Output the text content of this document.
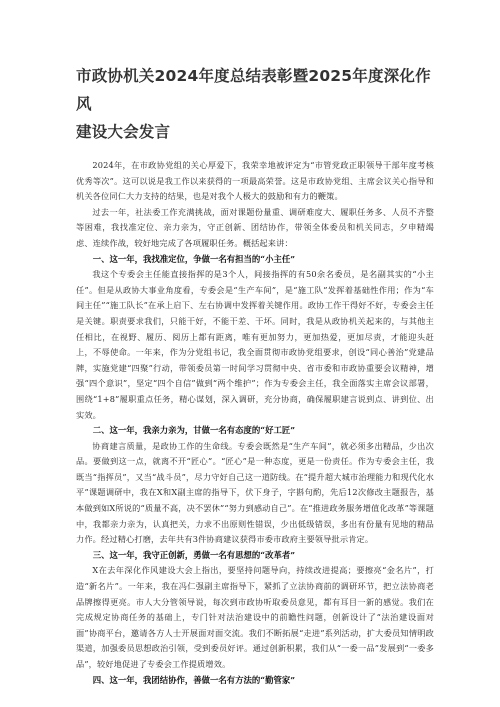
市政协机关2024年度总结表彰暨2025年度深化作风
建设大会发言

2024年，在市政协党组的关心厚爱下，我荣幸地被评定为“市管党政正职领导干部年度考核优秀等次”。这可以说是我工作以来获得的一项最高荣誉。这是市政协党组、主席会议关心指导和机关各位同仁大力支持的结果，也是对我个人极大的鼓励和有力的鞭策。

过去一年，社法委工作充满挑战，面对课题份量重、调研难度大、履职任务多、人员不齐整等困难，我找准定位、亲力亲为，守正创新、团结协作，带领全体委员和机关同志，夕申精竭虑、连续作战，较好地完成了各项履职任务。概括起来讲：

一、这一年，我找准定位，争做一名有担当的“小主任”

我这个专委会主任能直接指挥的是3个人，间接指挥的有50余名委员，是名副其实的“小主任”。但是从政协大事业角度看，专委会是“生产车间”，是“施工队”发挥着基础性作用；作为“车间主任”“施工队长”在承上启下、左右协调中发挥着关键作用。政协工作干得好不好，专委会主任是关键。职责要求我们，只能干好，不能干差、干坏。同时，我是从政协机关起来的，与其他主任相比，在视野、履历、阅历上都有距离，唯有更加努力，更加热爱，更加尽责，才能迎头赶上，不辱使命。一年来，作为分党组书记，我全面贯彻市政协党组要求，创设“同心善治”党建品牌，实施党建“四聚”行动，带领委员第一时间学习贯彻中央、省市委和市政协重要会议精神，增强“四个意识”，坚定“四个自信”做到“两个维护”；作为专委会主任，我全面落实主席会议部署，围绕“1+8”履职重点任务，精心谋划，深入调研，充分协商，确保履职建言说到点、讲到位、出实效。

二、这一年，我亲力亲为，甘做一名有态度的“好工匠”

协商建言质量，是政协工作的生命线。专委会既然是“生产车间”，就必须多出精品，少出次品。要做到这一点，就离不开“匠心”。“匠心”是一种态度，更是一份责任。作为专委会主任，我既当“指挥员”，又当“战斗员”，尽力守好自己这一道防线。在“提升超大城市治理能力和现代化水平”课题调研中，我在X和X副主席的指导下，伏下身子，字斟句酌，先后12次修改主题报告，基本做到如X所说的“质量不高，决不罢休”“努力到感动自己”。在“推进政务服务增值化改革”等课题中，我都亲力亲为，认真把关，力求不出原则性错误，少出低级错误，多出有份量有见地的精品力作。经过精心打磨，去年共有3件协商建议获得市委市政府主要领导批示肯定。

三、这一年，我守正创新，勇做一名有思想的“改革者”

X在去年深化作风建设大会上指出，要坚持问题导向，持续改进提高；要擦亮“金名片”，打造“新名片”。一年来，我在冯仁强副主席指导下，紧抓了立法协商前的调研环节，把立法协商老品牌擦得更亮。市人大分管领导说，每次到市政协听取委员意见，都有耳目一新的感觉。我们在完成规定协商任务的基础上，专门针对法治建设中的前瞻性问题，创新设计了“法治建设面对面”协商平台，邀请各方人士开展面对面交流。我们不断拓展“走进”系列活动，扩大委员知情明政渠道，加强委员思想政治引领，受到委员好评。通过创新积累，我们从“一委一品”发展到“一委多品”，较好地促进了专委会工作提质增效。

四、这一年，我团结协作，善做一名有方法的“勤管家”
